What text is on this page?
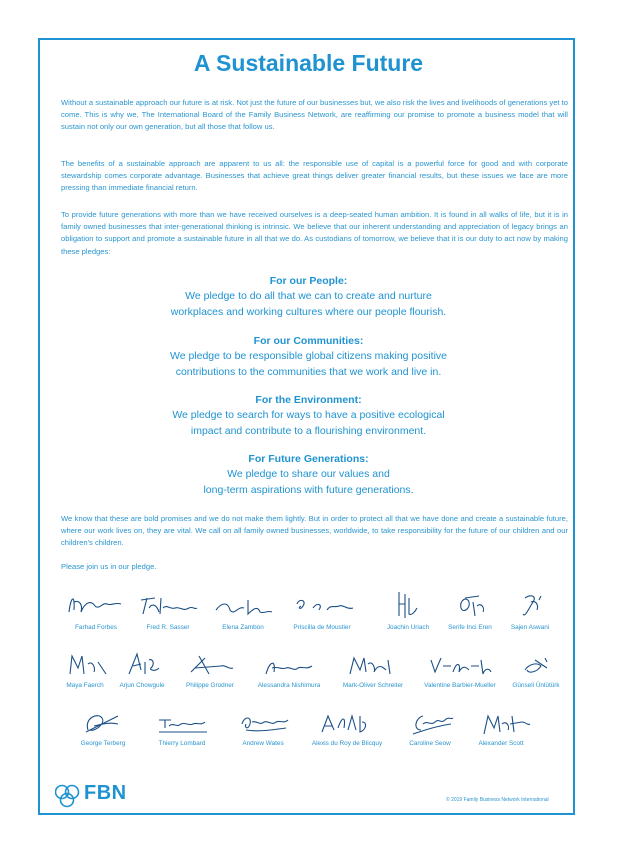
A Sustainable Future

Without a sustainable approach our future is at risk. Not just the future of our businesses but, we also risk the lives and livelihoods of generations yet to come. This is why we, The International Board of the Family Business Network, are reaffirming our promise to promote a business model that will sustain not only our own generation, but all those that follow us.

The benefits of a sustainable approach are apparent to us all: the responsible use of capital is a powerful force for good and with corporate stewardship comes corporate advantage. Businesses that achieve great things deliver greater financial results, but these issues we face are more pressing than immediate financial return.

To provide future generations with more than we have received ourselves is a deep-seated human ambition. It is found in all walks of life, but it is in family owned businesses that inter-generational thinking is intrinsic. We believe that our inherent understanding and appreciation of legacy brings an obligation to support and promote a sustainable future in all that we do. As custodians of tomorrow, we believe that it is our duty to act now by making these pledges:

For our People:
We pledge to do all that we can to create and nurture
workplaces and working cultures where our people flourish.
For our Communities:
We pledge to be responsible global citizens making positive
contributions to the communities that we work and live in.
For the Environment:
We pledge to search for ways to have a positive ecological
impact and contribute to a flourishing environment.
For Future Generations:
We pledge to share our values and
long-term aspirations with future generations.

We know that these are bold promises and we do not make them lightly. But in order to protect all that we have done and create a sustainable future, where our work lives on, they are vital. We call on all family owned businesses, worldwide, to take responsibility for the future of our children and our children's children.

Please join us in our pledge.

Farhad Forbes	Fred R. Sasser	Elena Zambon	Priscilla de Moustier	Joachin Uriach	Serife Inci Eren	Sajen Aswani
Maya Faerch	Arjun Chowgule	Philippe Grodner	Alessandra Nishimura	Mark-Oliver Schreiter	Valentine Barbier-Mueller	Günseli Ünlütürk
George Terberg	Thierry Lombard	Andrew Wates	Alexis du Roy de Blicquy	Caroline Seow	Alexander Scott
FBN	© 2019 Family Business Network International
